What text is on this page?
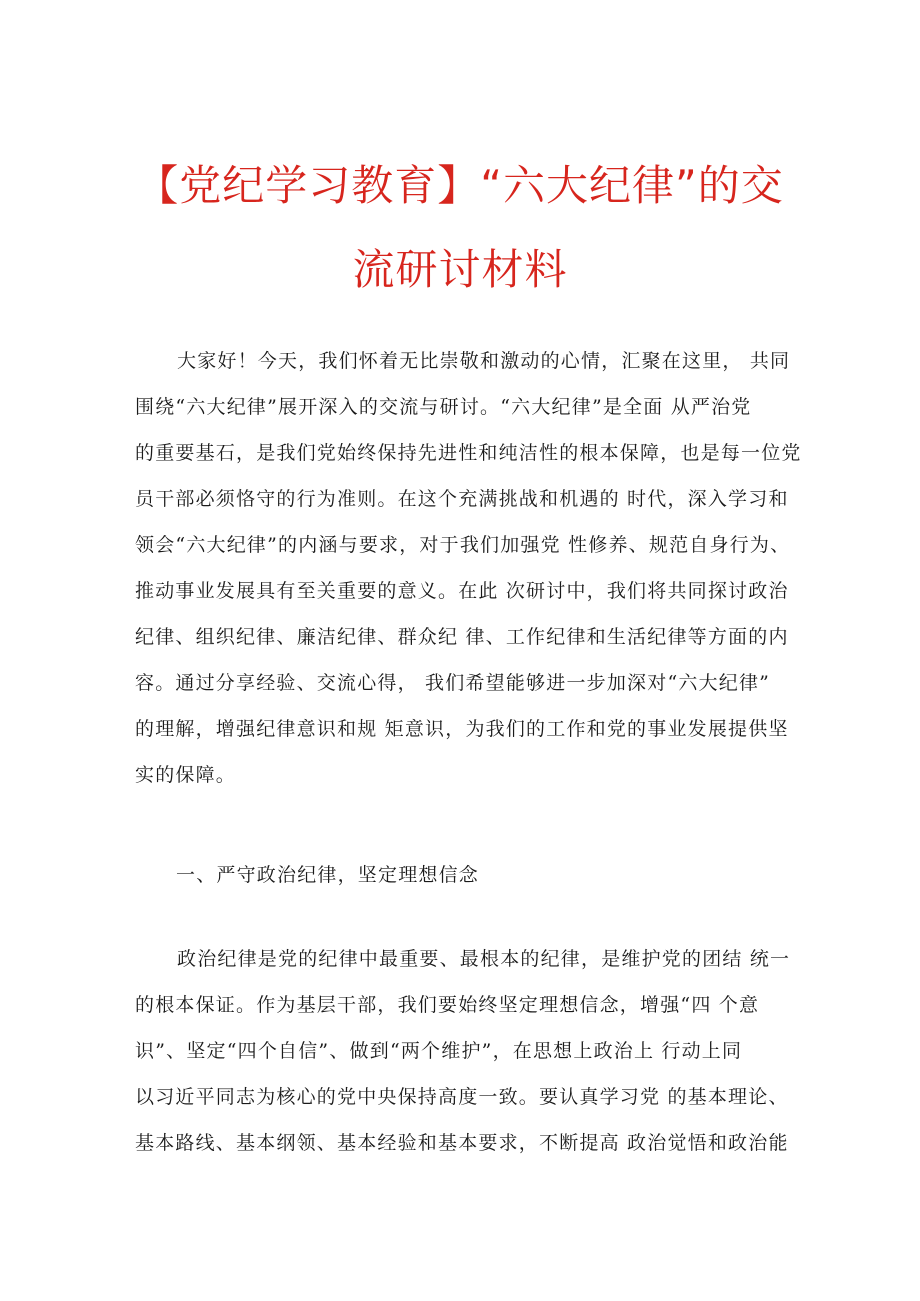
【党纪学习教育】“六大纪律”的交
流研讨材料
大家好！今天，我们怀着无比崇敬和激动的心情，汇聚在这里， 共同
围绕“六大纪律”展开深入的交流与研讨。“六大纪律”是全面 从严治党
的重要基石，是我们党始终保持先进性和纯洁性的根本保障，也是每一位党
员干部必须恪守的行为准则。在这个充满挑战和机遇的 时代，深入学习和
领会“六大纪律”的内涵与要求，对于我们加强党 性修养、规范自身行为、
推动事业发展具有至关重要的意义。在此 次研讨中，我们将共同探讨政治
纪律、组织纪律、廉洁纪律、群众纪 律、工作纪律和生活纪律等方面的内
容。通过分享经验、交流心得， 我们希望能够进一步加深对“六大纪律”
的理解，增强纪律意识和规 矩意识，为我们的工作和党的事业发展提供坚
实的保障。
一、严守政治纪律，坚定理想信念
政治纪律是党的纪律中最重要、最根本的纪律，是维护党的团结 统一
的根本保证。作为基层干部，我们要始终坚定理想信念，增强“四 个意
识”、坚定“四个自信”、做到“两个维护”，在思想上政治上 行动上同
以习近平同志为核心的党中央保持高度一致。要认真学习党 的基本理论、
基本路线、基本纲领、基本经验和基本要求，不断提高 政治觉悟和政治能
